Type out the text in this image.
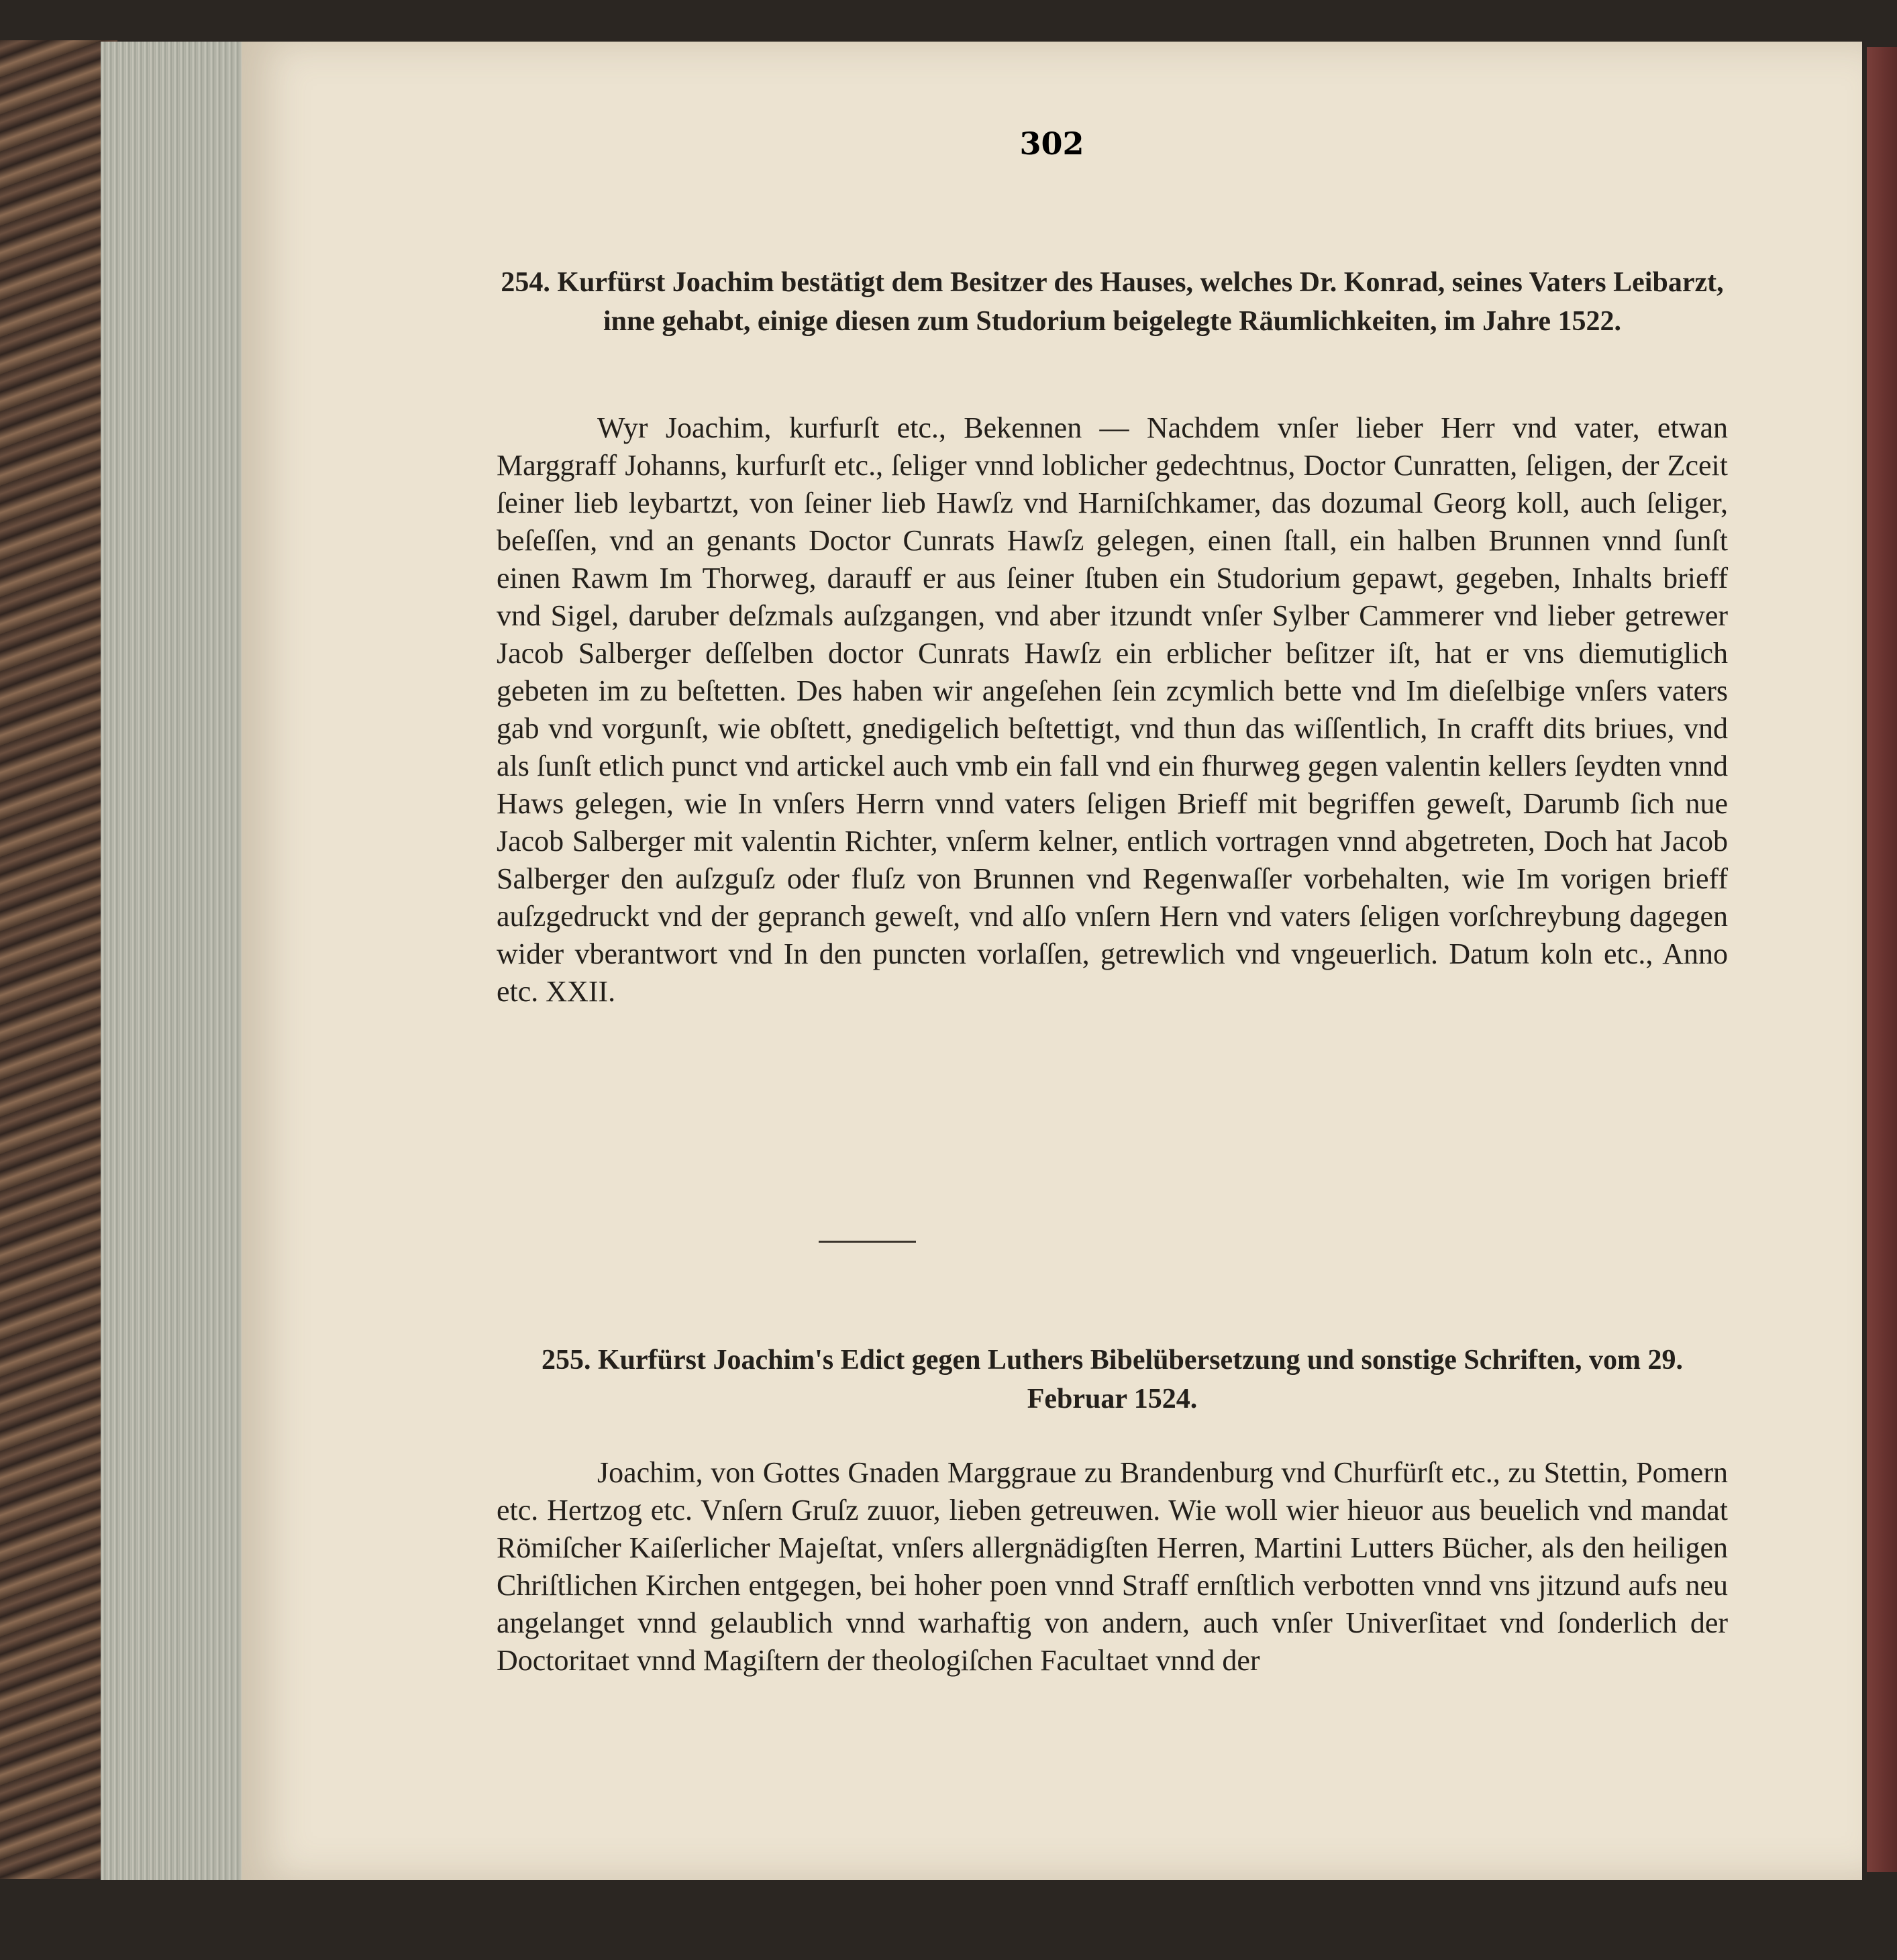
302
254. Kurfürst Joachim bestätigt dem Besitzer des Hauses, welches Dr. Konrad, seines Vaters Leibarzt, inne gehabt, einige diesen zum Studorium beigelegte Räumlichkeiten, im Jahre 1522.
Wyr Joachim, kurfurſt etc., Bekennen — Nachdem vnſer lieber Herr vnd vater, etwan Marggraff Johanns, kurfurſt etc., ſeliger vnnd loblicher gedechtnus, Doctor Cunratten, ſeligen, der Zceit ſeiner lieb leybartzt, von ſeiner lieb Hawſz vnd Harniſchkamer, das dozumal Georg koll, auch ſeliger, beſeſſen, vnd an genants Doctor Cunrats Hawſz gelegen, einen ſtall, ein halben Brunnen vnnd ſunſt einen Rawm Im Thorweg, darauff er aus ſeiner ſtuben ein Studorium gepawt, gegeben, Inhalts brieff vnd Sigel, daruber deſzmals auſzgangen, vnd aber itzundt vnſer Sylber Cammerer vnd lieber getrewer Jacob Salberger deſſelben doctor Cunrats Hawſz ein erblicher beſitzer iſt, hat er vns diemutiglich gebeten im zu beſtetten. Des haben wir angeſehen ſein zcymlich bette vnd Im dieſelbige vnſers vaters gab vnd vorgunſt, wie obſtett, gnedigelich beſtettigt, vnd thun das wiſſentlich, In crafft dits briues, vnd als ſunſt etlich punct vnd artickel auch vmb ein fall vnd ein fhurweg gegen valentin kellers ſeydten vnnd Haws gelegen, wie In vnſers Herrn vnnd vaters ſeligen Brieff mit begriffen geweſt, Darumb ſich nue Jacob Salberger mit valentin Richter, vnſerm kelner, entlich vortragen vnnd abgetreten, Doch hat Jacob Salberger den auſzguſz oder fluſz von Brunnen vnd Regenwaſſer vorbehalten, wie Im vorigen brieff auſzgedruckt vnd der gepranch geweſt, vnd alſo vnſern Hern vnd vaters ſeligen vorſchreybung dagegen wider vberantwort vnd In den puncten vorlaſſen, getrewlich vnd vngeuerlich. Datum koln etc., Anno etc. XXII.
255. Kurfürst Joachim's Edict gegen Luthers Bibelübersetzung und sonstige Schriften, vom 29. Februar 1524.
Joachim, von Gottes Gnaden Marggraue zu Brandenburg vnd Churfürſt etc., zu Stettin, Pomern etc. Hertzog etc. Vnſern Gruſz zuuor, lieben getreuwen. Wie woll wier hieuor aus beuelich vnd mandat Römiſcher Kaiſerlicher Majeſtat, vnſers allergnädigſten Herren, Martini Lutters Bücher, als den heiligen Chriſtlichen Kirchen entgegen, bei hoher poen vnnd Straff ernſtlich verbotten vnnd vns jitzund aufs neu angelanget vnnd gelaublich vnnd warhaftig von andern, auch vnſer Univerſitaet vnd ſonderlich der Doctoritaet vnnd Magiſtern der theologiſchen Facultaet vnnd der
